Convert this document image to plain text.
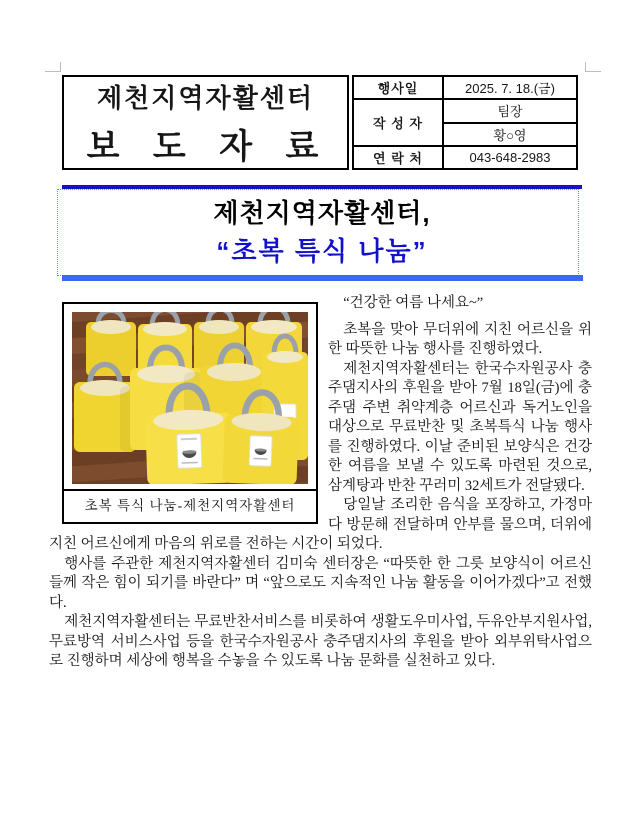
제천지역자활센터
보 도 자 료
행사일	2025. 7. 18.(금)
작 성 자	팀장
	황○영
연 락 처	043-648-2983
제천지역자활센터,
“초복 특식 나눔”
초복 특식 나눔-제천지역자활센터

“건강한 여름 나세요~”

초복을 맞아 무더위에 지친 어르신을 위한 따뜻한 나눔 행사를 진행하였다.

제천지역자활센터는 한국수자원공사 충주댐지사의 후원을 받아 7월 18일(금)에 충주댐 주변 취약계층 어르신과 독거노인을 대상으로 무료반찬 및 초복특식 나눔 행사를 진행하였다. 이날 준비된 보양식은 건강한 여름을 보낼 수 있도록 마련된 것으로, 삼계탕과 반찬 꾸러미 32세트가 전달됐다.

당일날 조리한 음식을 포장하고, 가정마다 방문해 전달하며 안부를 물으며, 더위에 지친 어르신에게 마음의 위로를 전하는 시간이 되었다.

행사를 주관한 제천지역자활센터 김미숙 센터장은 “따뜻한 한 그릇 보양식이 어르신들께 작은 힘이 되기를 바란다” 며 “앞으로도 지속적인 나눔 활동을 이어가겠다”고 전했다.

제천지역자활센터는 무료반찬서비스를 비롯하여 생활도우미사업, 두유안부지원사업, 무료방역 서비스사업 등을 한국수자원공사 충주댐지사의 후원을 받아 외부위탁사업으로 진행하며 세상에 행복을 수놓을 수 있도록 나눔 문화를 실천하고 있다.
